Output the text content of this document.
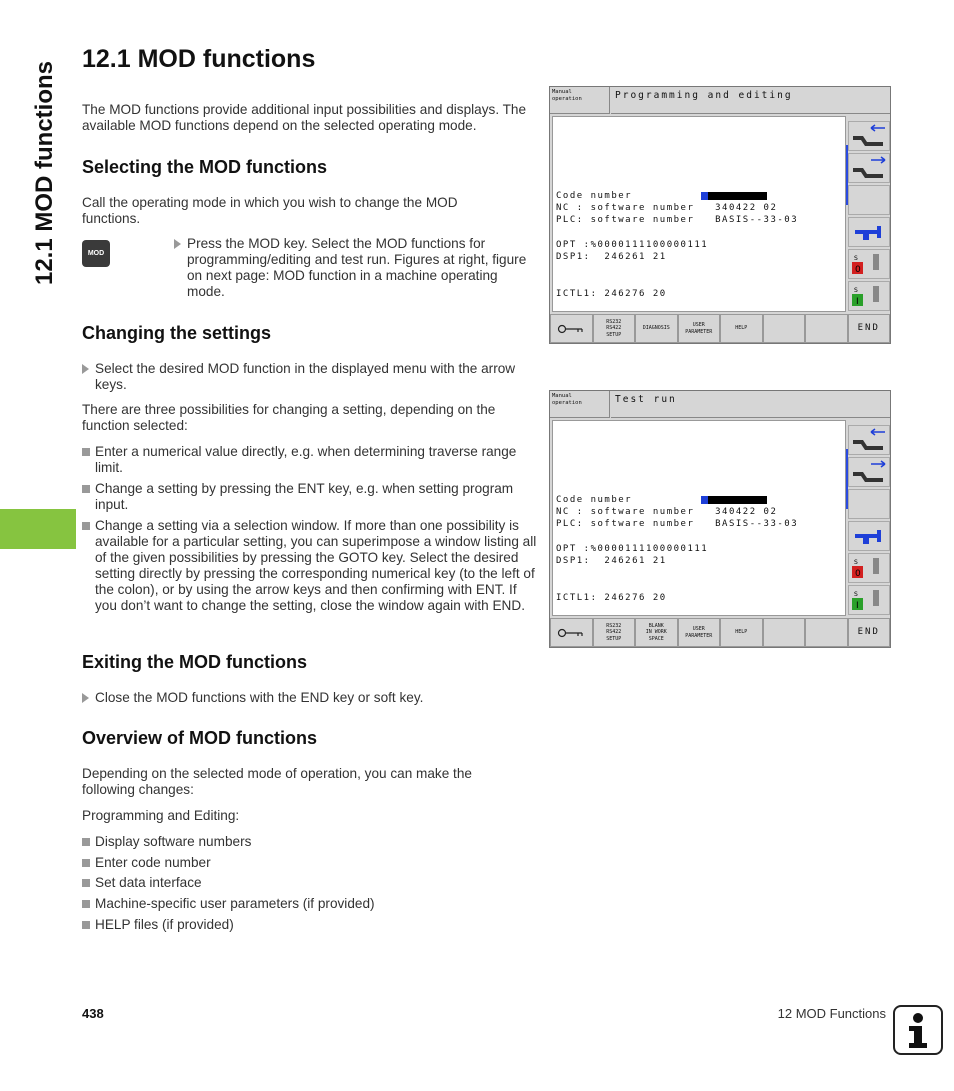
12.1 MOD functions
12.1 MOD functions

The MOD functions provide additional input possibilities and displays. The available MOD functions depend on the selected operating mode.

Selecting the MOD functions

Call the operating mode in which you wish to change the MOD functions.

MOD
Press the MOD key. Select the MOD functions for programming/editing and test run. Figures at right, figure on next page: MOD function in a machine operating mode.
Changing the settings
Select the desired MOD function in the displayed menu with the arrow keys.

There are three possibilities for changing a setting, depending on the function selected:

Enter a numerical value directly, e.g. when determining traverse range limit.
Change a setting by pressing the ENT key, e.g. when setting program input.
Change a setting via a selection window. If more than one possibility is available for a particular setting, you can superimpose a window listing all of the given possibilities by pressing the GOTO key. Select the desired setting directly by pressing the corresponding numerical key (to the left of the colon), or by using the arrow keys and then confirming with ENT. If you don’t want to change the setting, close the window again with END.
Exiting the MOD functions
Close the MOD functions with the END key or soft key.
Overview of MOD functions

Depending on the selected mode of operation, you can make the following changes:

Programming and Editing:

Display software numbers
Enter code number
Set data interface
Machine-specific user parameters (if provided)
HELP files (if provided)
Manual
operation	Programming and editing
Code number
NC : software number   340422 02
PLC: software number   BASIS--33-03
OPT :%0000111100000111
DSP1:  246261 21
ICTL1: 246276 20
S
0
S
I
RS232
RS422
SETUP
DIAGNOSIS
USER
PARAMETER
HELP	END
Manual
operation	Test run
Code number
NC : software number   340422 02
PLC: software number   BASIS--33-03
OPT :%0000111100000111
DSP1:  246261 21
ICTL1: 246276 20
S
0
S
I
RS232
RS422
SETUP
BLANK
IN WORK
SPACE
USER
PARAMETER
HELP	END
438	12 MOD Functions
